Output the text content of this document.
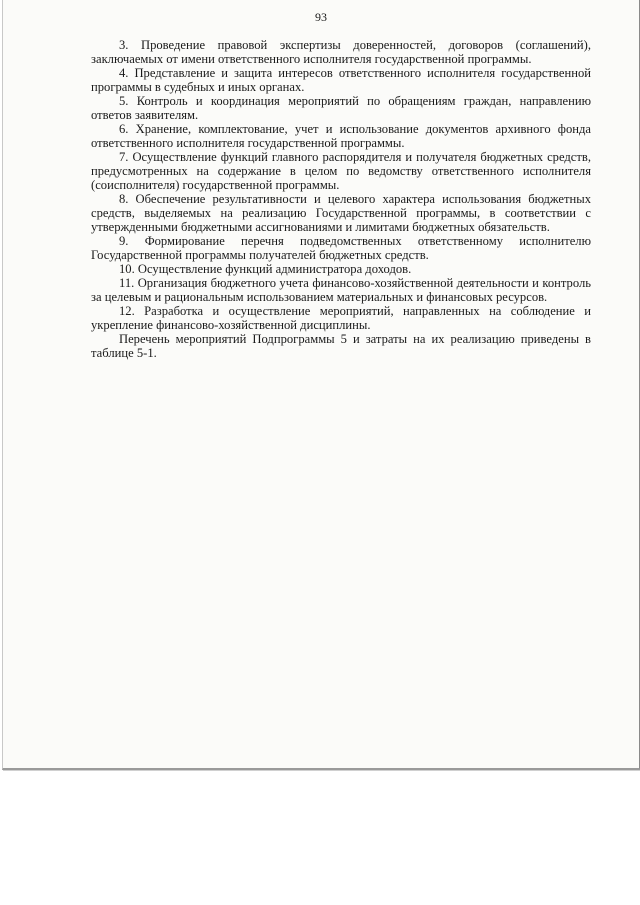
93

3. Проведение правовой экспертизы доверенностей, договоров (соглашений), заключаемых от имени ответственного исполнителя государственной программы.

4. Представление и защита интересов ответственного исполнителя государственной программы в судебных и иных органах.

5. Контроль и координация мероприятий по обращениям граждан, направлению ответов заявителям.

6. Хранение, комплектование, учет и использование документов архивного фонда ответственного исполнителя государственной программы.

7. Осуществление функций главного распорядителя и получателя бюджетных средств, предусмотренных на содержание в целом по ведомству ответственного исполнителя (соисполнителя) государственной программы.

8. Обеспечение результативности и целевого характера использования бюджетных средств, выделяемых на реализацию Государственной программы, в соответствии с утвержденными бюджетными ассигнованиями и лимитами бюджетных обязательств.

9. Формирование перечня подведомственных ответственному исполнителю Государственной программы получателей бюджетных средств.

10. Осуществление функций администратора доходов.

11. Организация бюджетного учета финансово-хозяйственной деятельности и контроль за целевым и рациональным использованием материальных и финансовых ресурсов.

12. Разработка и осуществление мероприятий, направленных на соблюдение и укрепление финансово-хозяйственной дисциплины.

Перечень мероприятий Подпрограммы 5 и затраты на их реализацию приведены в таблице 5-1.
